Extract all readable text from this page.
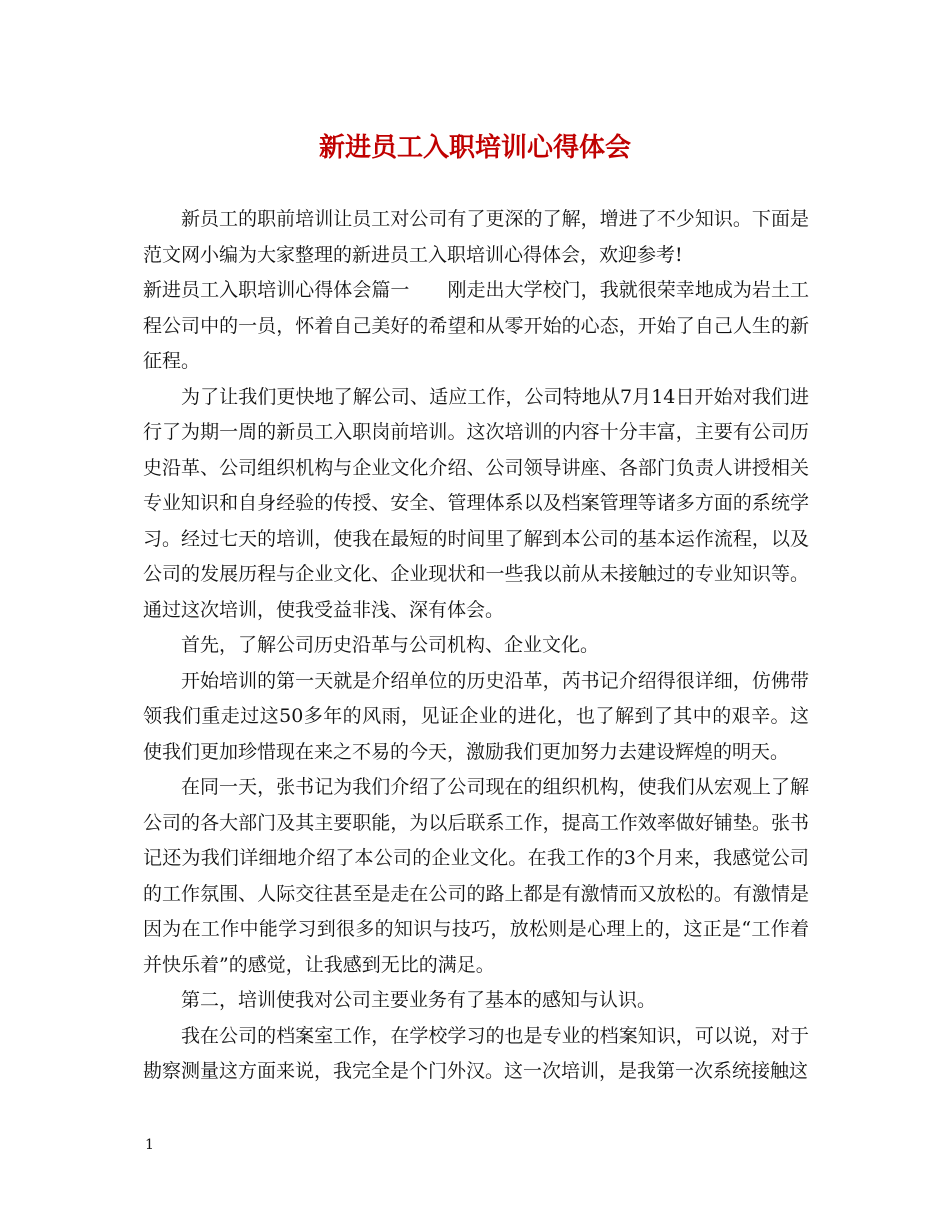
新进员工入职培训心得体会

新员工的职前培训让员工对公司有了更深的了解，增进了不少知识。下面是范文网小编为大家整理的新进员工入职培训心得体会，欢迎参考!

新进员工入职培训心得体会篇一　　刚走出大学校门，我就很荣幸地成为岩土工程公司中的一员，怀着自己美好的希望和从零开始的心态，开始了自己人生的新征程。

为了让我们更快地了解公司、适应工作，公司特地从7月14日开始对我们进行了为期一周的新员工入职岗前培训。这次培训的内容十分丰富，主要有公司历史沿革、公司组织机构与企业文化介绍、公司领导讲座、各部门负责人讲授相关专业知识和自身经验的传授、安全、管理体系以及档案管理等诸多方面的系统学习。经过七天的培训，使我在最短的时间里了解到本公司的基本运作流程，以及公司的发展历程与企业文化、企业现状和一些我以前从未接触过的专业知识等。通过这次培训，使我受益非浅、深有体会。

首先，了解公司历史沿革与公司机构、企业文化。

开始培训的第一天就是介绍单位的历史沿革，芮书记介绍得很详细，仿佛带领我们重走过这50多年的风雨，见证企业的进化，也了解到了其中的艰辛。这使我们更加珍惜现在来之不易的今天，激励我们更加努力去建设辉煌的明天。

在同一天，张书记为我们介绍了公司现在的组织机构，使我们从宏观上了解公司的各大部门及其主要职能，为以后联系工作，提高工作效率做好铺垫。张书记还为我们详细地介绍了本公司的企业文化。在我工作的3个月来，我感觉公司的工作氛围、人际交往甚至是走在公司的路上都是有激情而又放松的。有激情是因为在工作中能学习到很多的知识与技巧，放松则是心理上的，这正是“工作着并快乐着”的感觉，让我感到无比的满足。

第二，培训使我对公司主要业务有了基本的感知与认识。

我在公司的档案室工作，在学校学习的也是专业的档案知识，可以说，对于勘察测量这方面来说，我完全是个门外汉。这一次培训，是我第一次系统接触这

1
